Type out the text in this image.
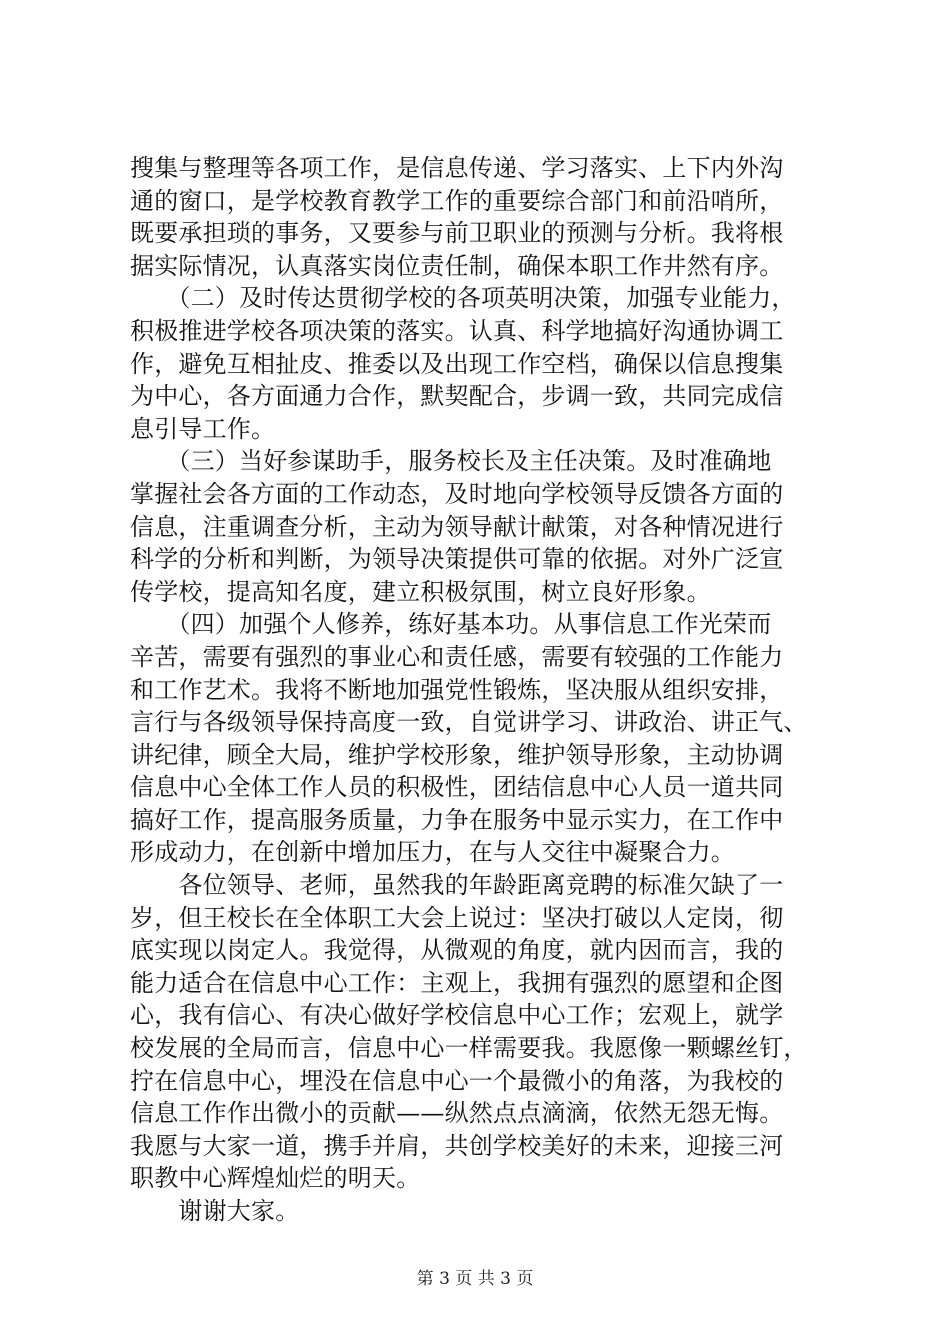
搜集与整理等各项工作，是信息传递、学习落实、上下内外沟
通的窗口，是学校教育教学工作的重要综合部门和前沿哨所，
既要承担琐的事务，又要参与前卫职业的预测与分析。我将根
据实际情况，认真落实岗位责任制，确保本职工作井然有序。
　　（二）及时传达贯彻学校的各项英明决策，加强专业能力，
积极推进学校各项决策的落实。认真、科学地搞好沟通协调工
作，避免互相扯皮、推委以及出现工作空档，确保以信息搜集
为中心，各方面通力合作，默契配合，步调一致，共同完成信
息引导工作。
　　（三）当好参谋助手，服务校长及主任决策。及时准确地
掌握社会各方面的工作动态，及时地向学校领导反馈各方面的
信息，注重调查分析，主动为领导献计献策，对各种情况进行
科学的分析和判断，为领导决策提供可靠的依据。对外广泛宣
传学校，提高知名度，建立积极氛围，树立良好形象。
　　（四）加强个人修养，练好基本功。从事信息工作光荣而
辛苦，需要有强烈的事业心和责任感，需要有较强的工作能力
和工作艺术。我将不断地加强党性锻炼，坚决服从组织安排，
言行与各级领导保持高度一致，自觉讲学习、讲政治、讲正气、
讲纪律，顾全大局，维护学校形象，维护领导形象，主动协调
信息中心全体工作人员的积极性，团结信息中心人员一道共同
搞好工作，提高服务质量，力争在服务中显示实力，在工作中
形成动力，在创新中增加压力，在与人交往中凝聚合力。
　　各位领导、老师，虽然我的年龄距离竞聘的标准欠缺了一
岁，但王校长在全体职工大会上说过：坚决打破以人定岗，彻
底实现以岗定人。我觉得，从微观的角度，就内因而言，我的
能力适合在信息中心工作：主观上，我拥有强烈的愿望和企图
心，我有信心、有决心做好学校信息中心工作；宏观上，就学
校发展的全局而言，信息中心一样需要我。我愿像一颗螺丝钉，
拧在信息中心，埋没在信息中心一个最微小的角落，为我校的
信息工作作出微小的贡献——纵然点点滴滴，依然无怨无悔。
我愿与大家一道，携手并肩，共创学校美好的未来，迎接三河
职教中心辉煌灿烂的明天。
　　谢谢大家。
第 3 页 共 3 页
